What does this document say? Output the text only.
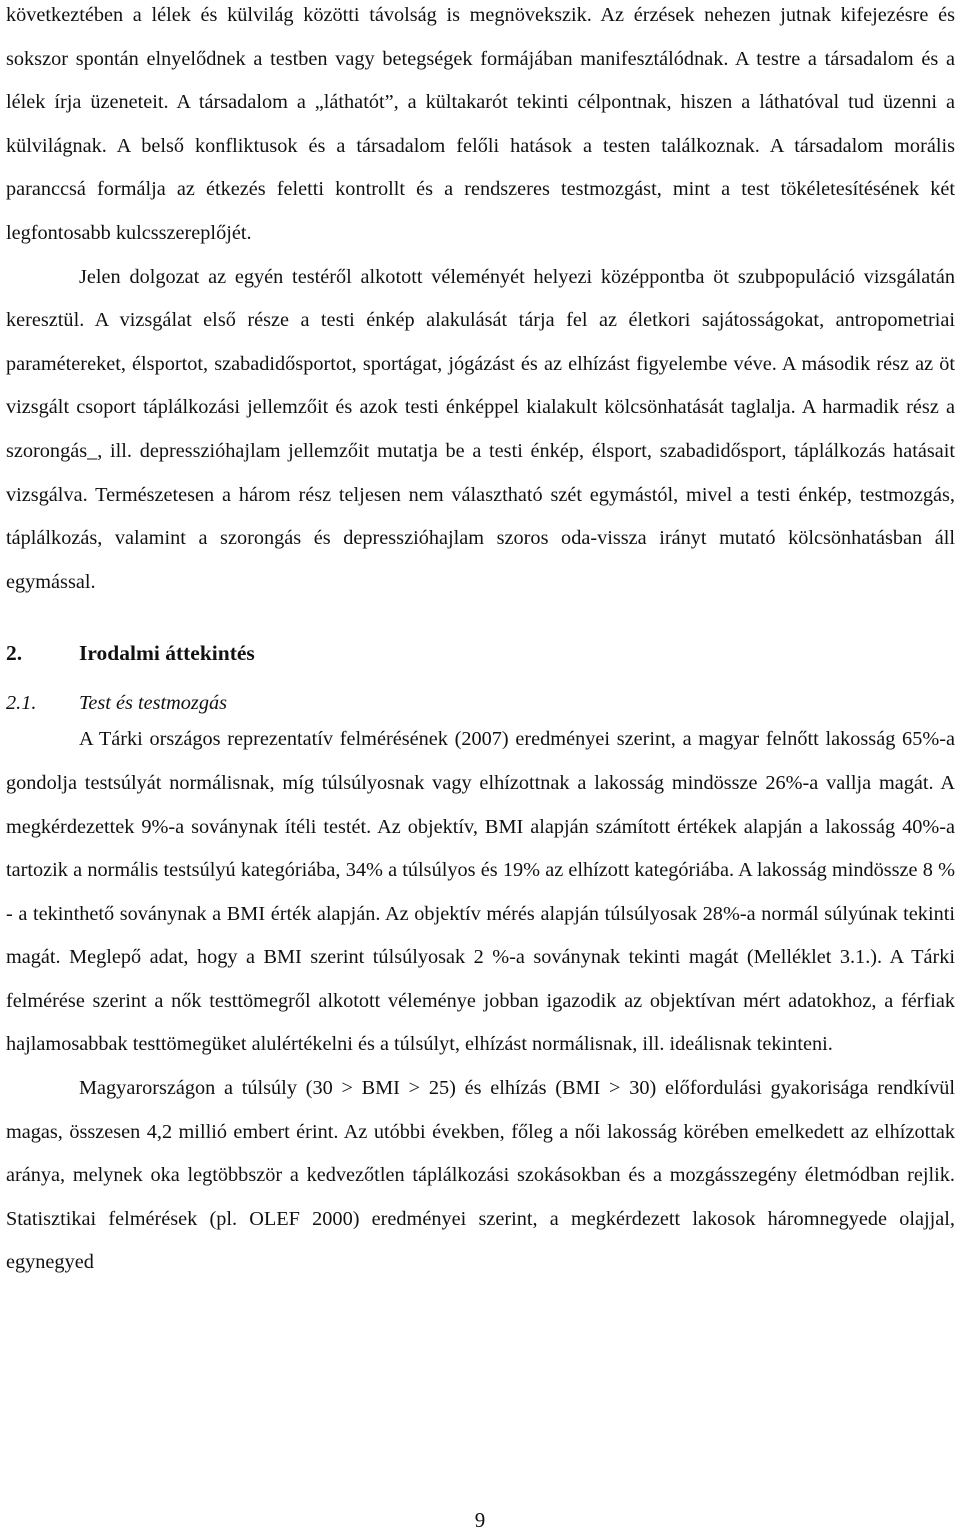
következtében a lélek és külvilág közötti távolság is megnövekszik. Az érzések nehezen jutnak kifejezésre és sokszor spontán elnyelődnek a testben vagy betegségek formájában manifesztálódnak. A testre a társadalom és a lélek írja üzeneteit. A társadalom a „láthatót”, a kültakarót tekinti célpontnak, hiszen a láthatóval tud üzenni a külvilágnak. A belső konfliktusok és a társadalom felőli hatások a testen találkoznak. A társadalom morális paranccsá formálja az étkezés feletti kontrollt és a rendszeres testmozgást, mint a test tökéletesítésének két legfontosabb kulcsszereplőjét.

Jelen dolgozat az egyén testéről alkotott véleményét helyezi középpontba öt szubpopuláció vizsgálatán keresztül. A vizsgálat első része a testi énkép alakulását tárja fel az életkori sajátosságokat, antropometriai paramétereket, élsportot, szabadidősportot, sportágat, jógázást és az elhízást figyelembe véve. A második rész az öt vizsgált csoport táplálkozási jellemzőit és azok testi énképpel kialakult kölcsönhatását taglalja. A harmadik rész a szorongás_, ill. depresszióhajlam jellemzőit mutatja be a testi énkép, élsport, szabadidősport, táplálkozás hatásait vizsgálva. Természetesen a három rész teljesen nem választható szét egymástól, mivel a testi énkép, testmozgás, táplálkozás, valamint a szorongás és depresszióhajlam szoros oda-vissza irányt mutató kölcsönhatásban áll egymással.

2.	Irodalmi áttekintés
2.1.	Test és testmozgás

A Tárki országos reprezentatív felmérésének (2007) eredményei szerint, a magyar felnőtt lakosság 65%-a gondolja testsúlyát normálisnak, míg túlsúlyosnak vagy elhízottnak a lakosság mindössze 26%-a vallja magát. A megkérdezettek 9%-a soványnak ítéli testét. Az objektív, BMI alapján számított értékek alapján a lakosság 40%-a tartozik a normális testsúlyú kategóriába, 34% a túlsúlyos és 19% az elhízott kategóriába. A lakosság mindössze 8 % - a tekinthető soványnak a BMI érték alapján. Az objektív mérés alapján túlsúlyosak 28%-a normál súlyúnak tekinti magát. Meglepő adat, hogy a BMI szerint túlsúlyosak 2 %-a soványnak tekinti magát (Melléklet 3.1.). A Tárki felmérése szerint a nők testtömegről alkotott véleménye jobban igazodik az objektívan mért adatokhoz, a férfiak hajlamosabbak testtömegüket alulértékelni és a túlsúlyt, elhízást normálisnak, ill. ideálisnak tekinteni.

Magyarországon a túlsúly (30 > BMI > 25) és elhízás (BMI > 30) előfordulási gyakorisága rendkívül magas, összesen 4,2 millió embert érint. Az utóbbi években, főleg a női lakosság körében emelkedett az elhízottak aránya, melynek oka legtöbbször a kedvezőtlen táplálkozási szokásokban és a mozgásszegény életmódban rejlik. Statisztikai felmérések (pl. OLEF 2000) eredményei szerint, a megkérdezett lakosok háromnegyede olajjal, egynegyed

9
